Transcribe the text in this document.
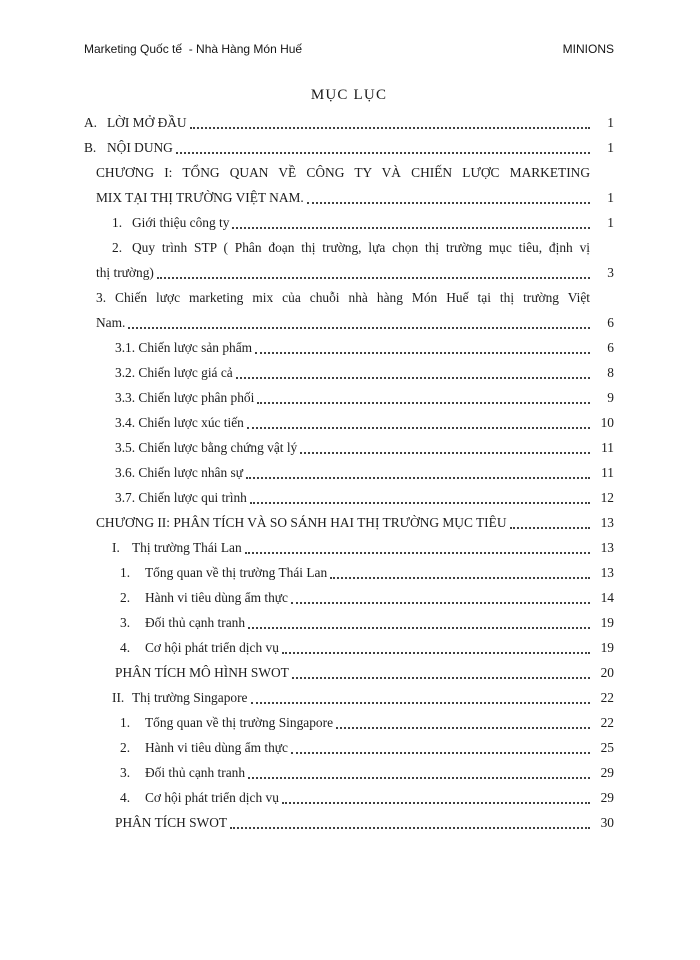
Marketing Quốc tế  - Nhà Hàng Món Huế	MINIONS
MỤC LỤC
A. LỜI MỞ ĐẦU	1
B. NỘI DUNG	1
CHƯƠNG I: TỔNG QUAN VỀ CÔNG TY VÀ CHIẾN LƯỢC MARKETING
MIX TẠI THỊ TRƯỜNG VIỆT NAM.	1
1. Giới thiệu công ty	1
2. Quy trình STP ( Phân đoạn thị trường, lựa chọn thị trường mục tiêu, định vị
thị trường)	3
3. Chiến lược marketing mix của chuỗi nhà hàng Món Huế tại thị trường Việt
Nam.	6
3.1. Chiến lược sản phẩm	6
3.2. Chiến lược giá cả	8
3.3. Chiến lược phân phối	9
3.4. Chiến lược xúc tiến	10
3.5. Chiến lược bằng chứng vật lý	11
3.6. Chiến lược nhân sự	11
3.7. Chiến lược qui trình	12
CHƯƠNG II: PHÂN TÍCH VÀ SO SÁNH HAI THỊ TRƯỜNG MỤC TIÊU	13
I. Thị trường Thái Lan	13
1.	Tổng quan về thị trường Thái Lan	13
2.	Hành vi tiêu dùng ẩm thực	14
3.	Đối thủ cạnh tranh	19
4.	Cơ hội phát triển dịch vụ	19
PHÂN TÍCH MÔ HÌNH SWOT	20
II. Thị trường Singapore	22
1.	Tổng quan về thị trường Singapore	22
2.	Hành vi tiêu dùng ẩm thực	25
3.	Đối thủ cạnh tranh	29
4.	Cơ hội phát triển dịch vụ	29
PHÂN TÍCH SWOT	30
